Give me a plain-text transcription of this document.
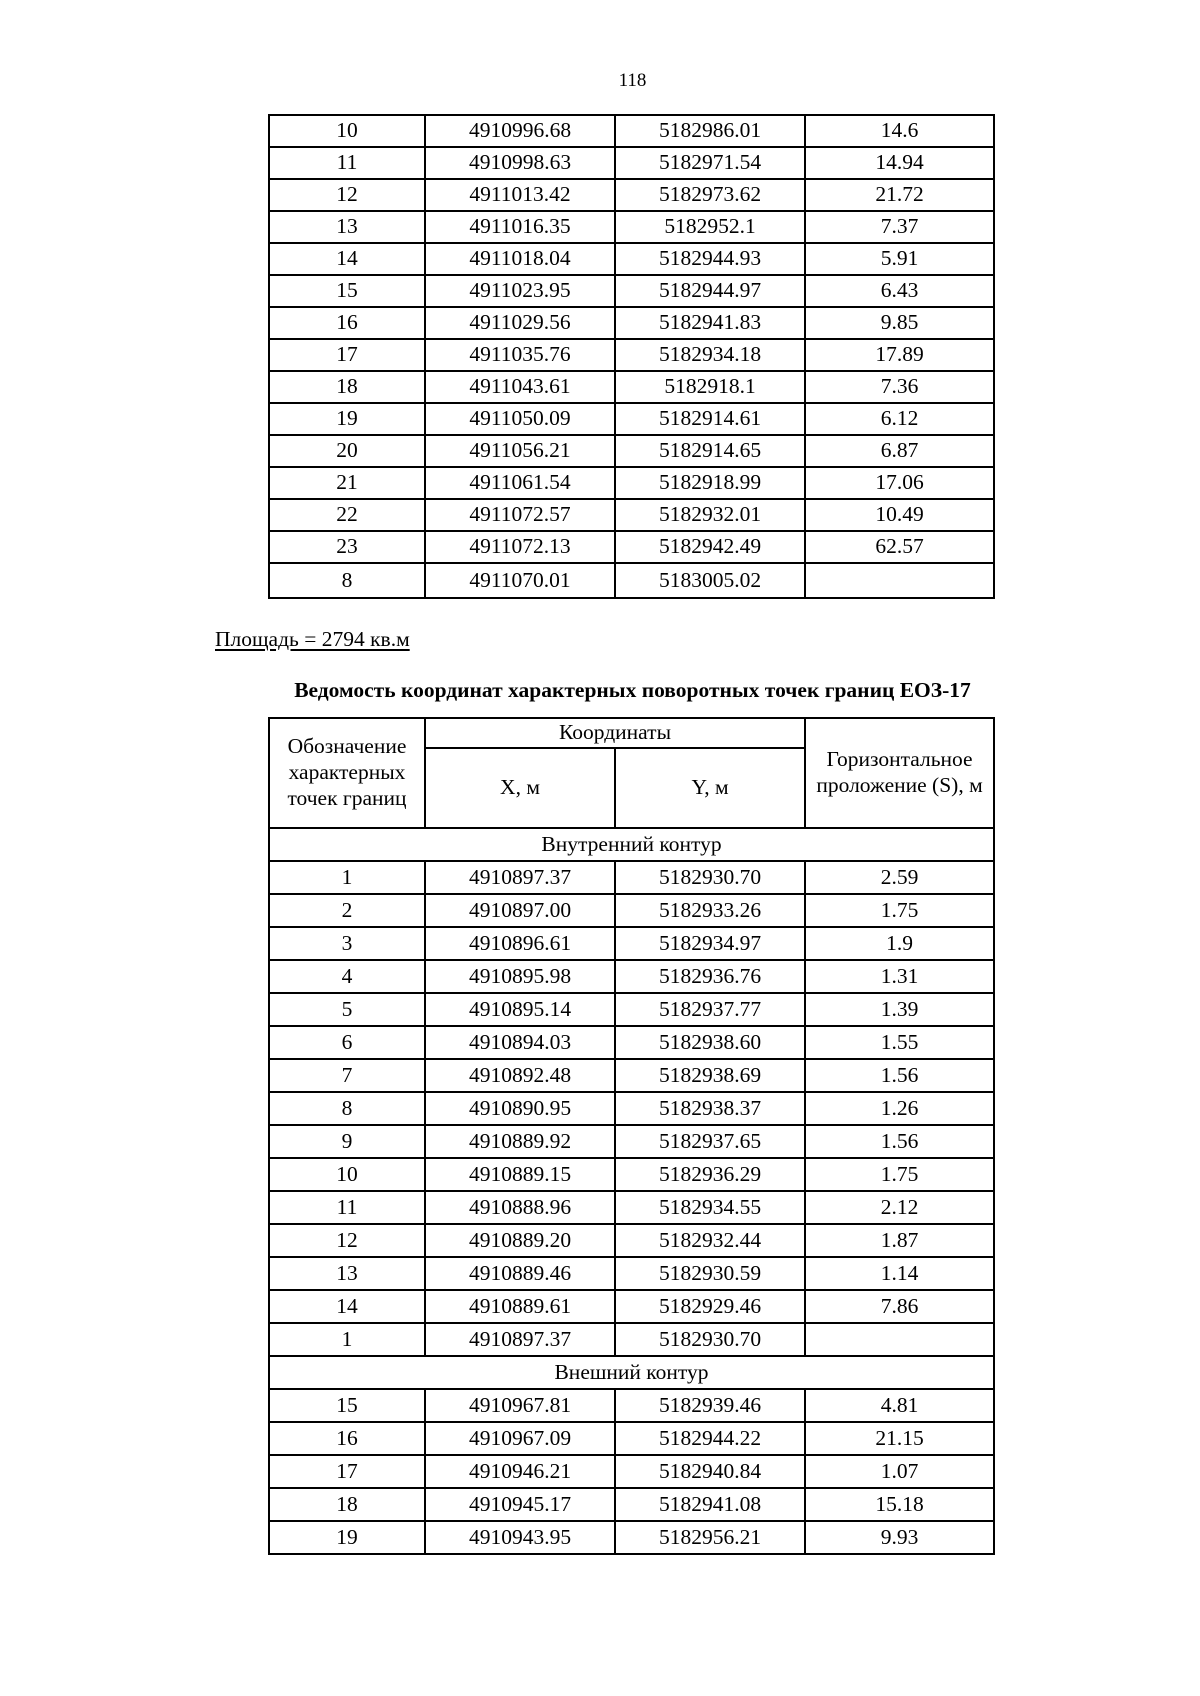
118
10	4910996.68	5182986.01	14.6
11	4910998.63	5182971.54	14.94
12	4911013.42	5182973.62	21.72
13	4911016.35	5182952.1	7.37
14	4911018.04	5182944.93	5.91
15	4911023.95	5182944.97	6.43
16	4911029.56	5182941.83	9.85
17	4911035.76	5182934.18	17.89
18	4911043.61	5182918.1	7.36
19	4911050.09	5182914.61	6.12
20	4911056.21	5182914.65	6.87
21	4911061.54	5182918.99	17.06
22	4911072.57	5182932.01	10.49
23	4911072.13	5182942.49	62.57
8	4911070.01	5183005.02	
Площадь = 2794 кв.м
Ведомость координат характерных поворотных точек границ ЕОЗ-17
Обозначение характерных точек границ	Координаты		Горизонтальное проложение (S), м
	X, м	Y, м	
Внутренний контур			
1	4910897.37	5182930.70	2.59
2	4910897.00	5182933.26	1.75
3	4910896.61	5182934.97	1.9
4	4910895.98	5182936.76	1.31
5	4910895.14	5182937.77	1.39
6	4910894.03	5182938.60	1.55
7	4910892.48	5182938.69	1.56
8	4910890.95	5182938.37	1.26
9	4910889.92	5182937.65	1.56
10	4910889.15	5182936.29	1.75
11	4910888.96	5182934.55	2.12
12	4910889.20	5182932.44	1.87
13	4910889.46	5182930.59	1.14
14	4910889.61	5182929.46	7.86
1	4910897.37	5182930.70	
Внешний контур			
15	4910967.81	5182939.46	4.81
16	4910967.09	5182944.22	21.15
17	4910946.21	5182940.84	1.07
18	4910945.17	5182941.08	15.18
19	4910943.95	5182956.21	9.93
